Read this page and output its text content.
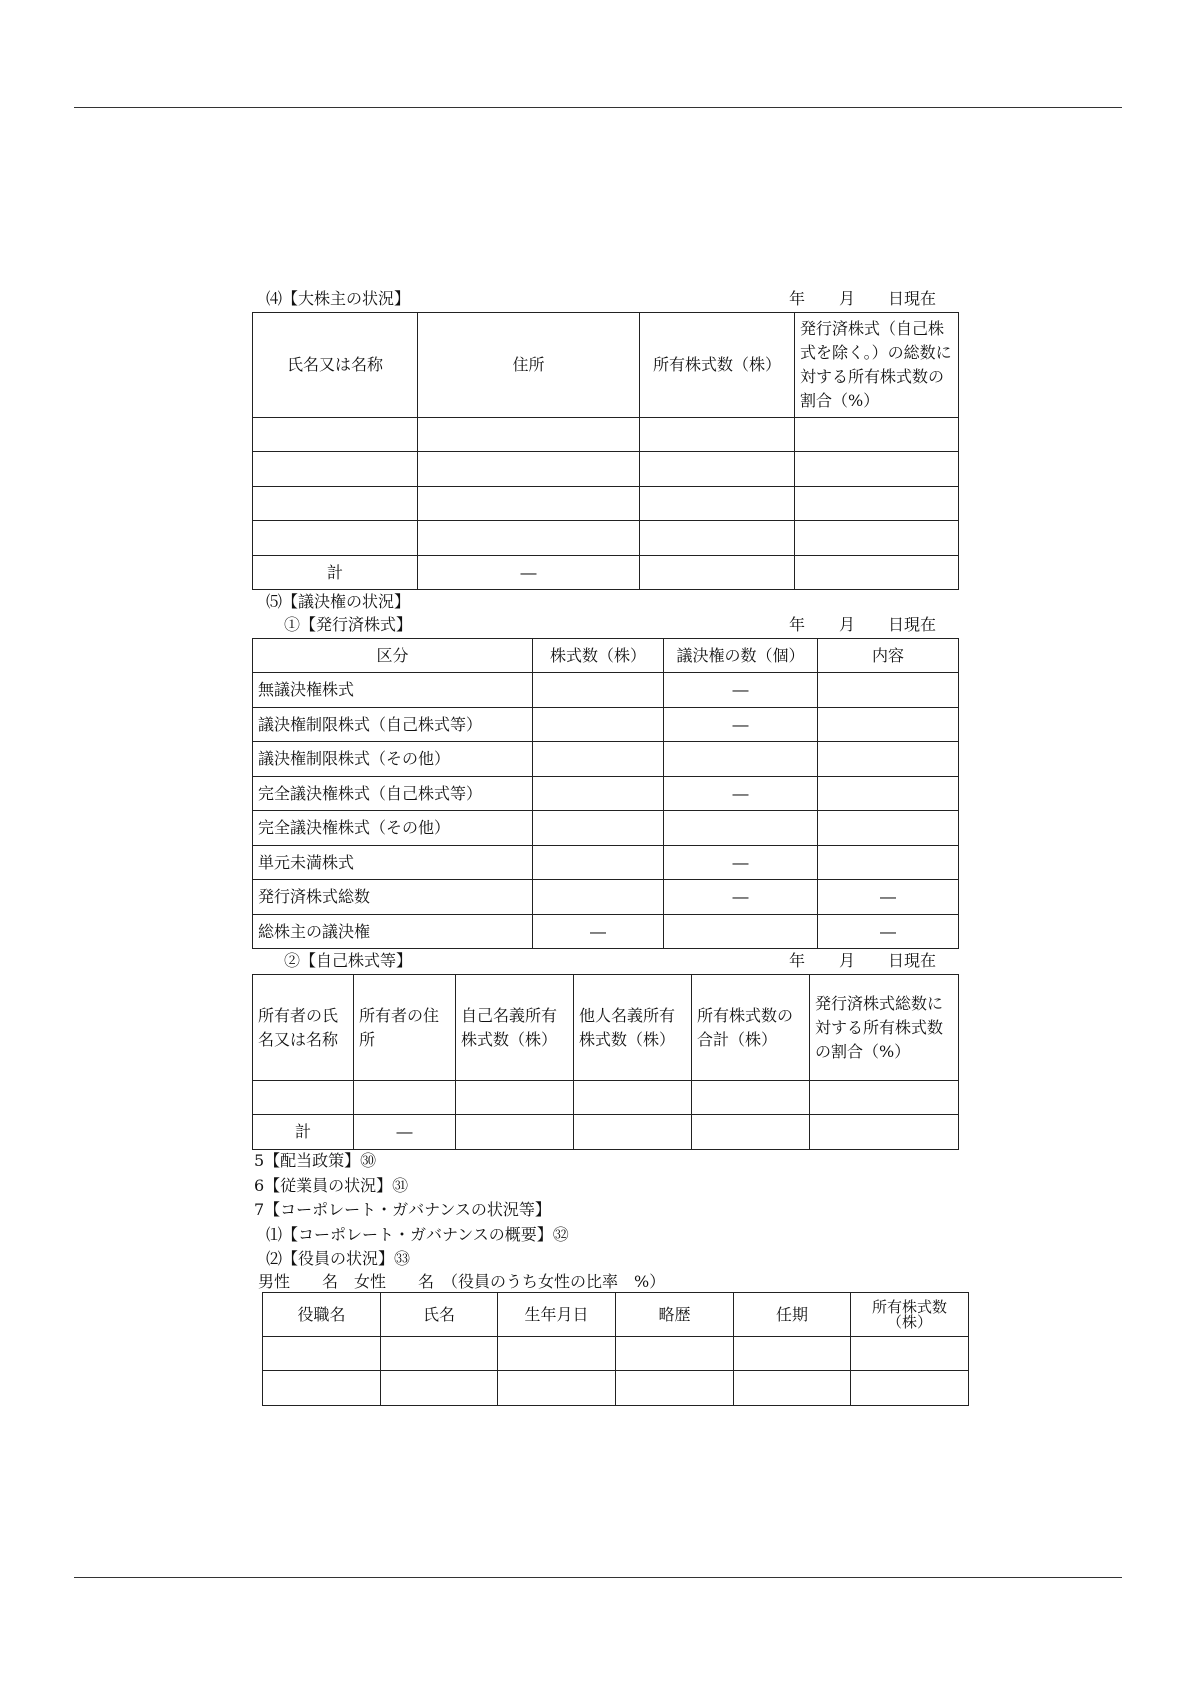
⑷【大株主の状況】	年 月 日現在
氏名又は名称	住所	所有株式数（株）	発行済株式（自己株式を除く。）の総数に対する所有株式数の割合（%）

計	―		
⑸【議決権の状況】
①【発行済株式】	年 月 日現在
区分	株式数（株）	議決権の数（個）	内容
無議決権株式		―	
議決権制限株式（自己株式等）		―	
議決権制限株式（その他）			
完全議決権株式（自己株式等）		―	
完全議決権株式（その他）			
単元未満株式		―	
発行済株式総数		―	―
総株主の議決権	―		―
②【自己株式等】	年 月 日現在
所有者の氏名又は名称	所有者の住所	自己名義所有株式数（株）	他人名義所有株式数（株）	所有株式数の合計（株）	発行済株式総数に対する所有株式数の割合（%）

計	―				
5【配当政策】㉚
6【従業員の状況】㉛
7【コーポレート・ガバナンスの状況等】
⑴【コーポレート・ガバナンスの概要】㉜
⑵【役員の状況】㉝
男性　　名　女性　　名　（役員のうち女性の比率　%）
役職名	氏名	生年月日	略歴	任期	所有株式数（株）
